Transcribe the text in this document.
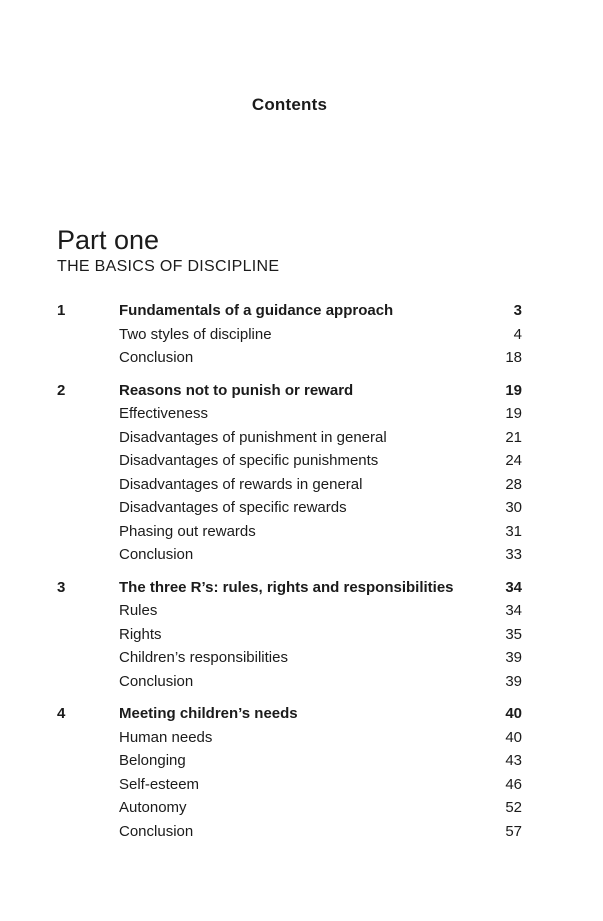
Contents
Part one
THE BASICS OF DISCIPLINE
1	Fundamentals of a guidance approach	3
Two styles of discipline	4
Conclusion	18
2	Reasons not to punish or reward	19
Effectiveness	19
Disadvantages of punishment in general	21
Disadvantages of specific punishments	24
Disadvantages of rewards in general	28
Disadvantages of specific rewards	30
Phasing out rewards	31
Conclusion	33
3	The three R’s: rules, rights and responsibilities	34
Rules	34
Rights	35
Children’s responsibilities	39
Conclusion	39
4	Meeting children’s needs	40
Human needs	40
Belonging	43
Self-esteem	46
Autonomy	52
Conclusion	57
